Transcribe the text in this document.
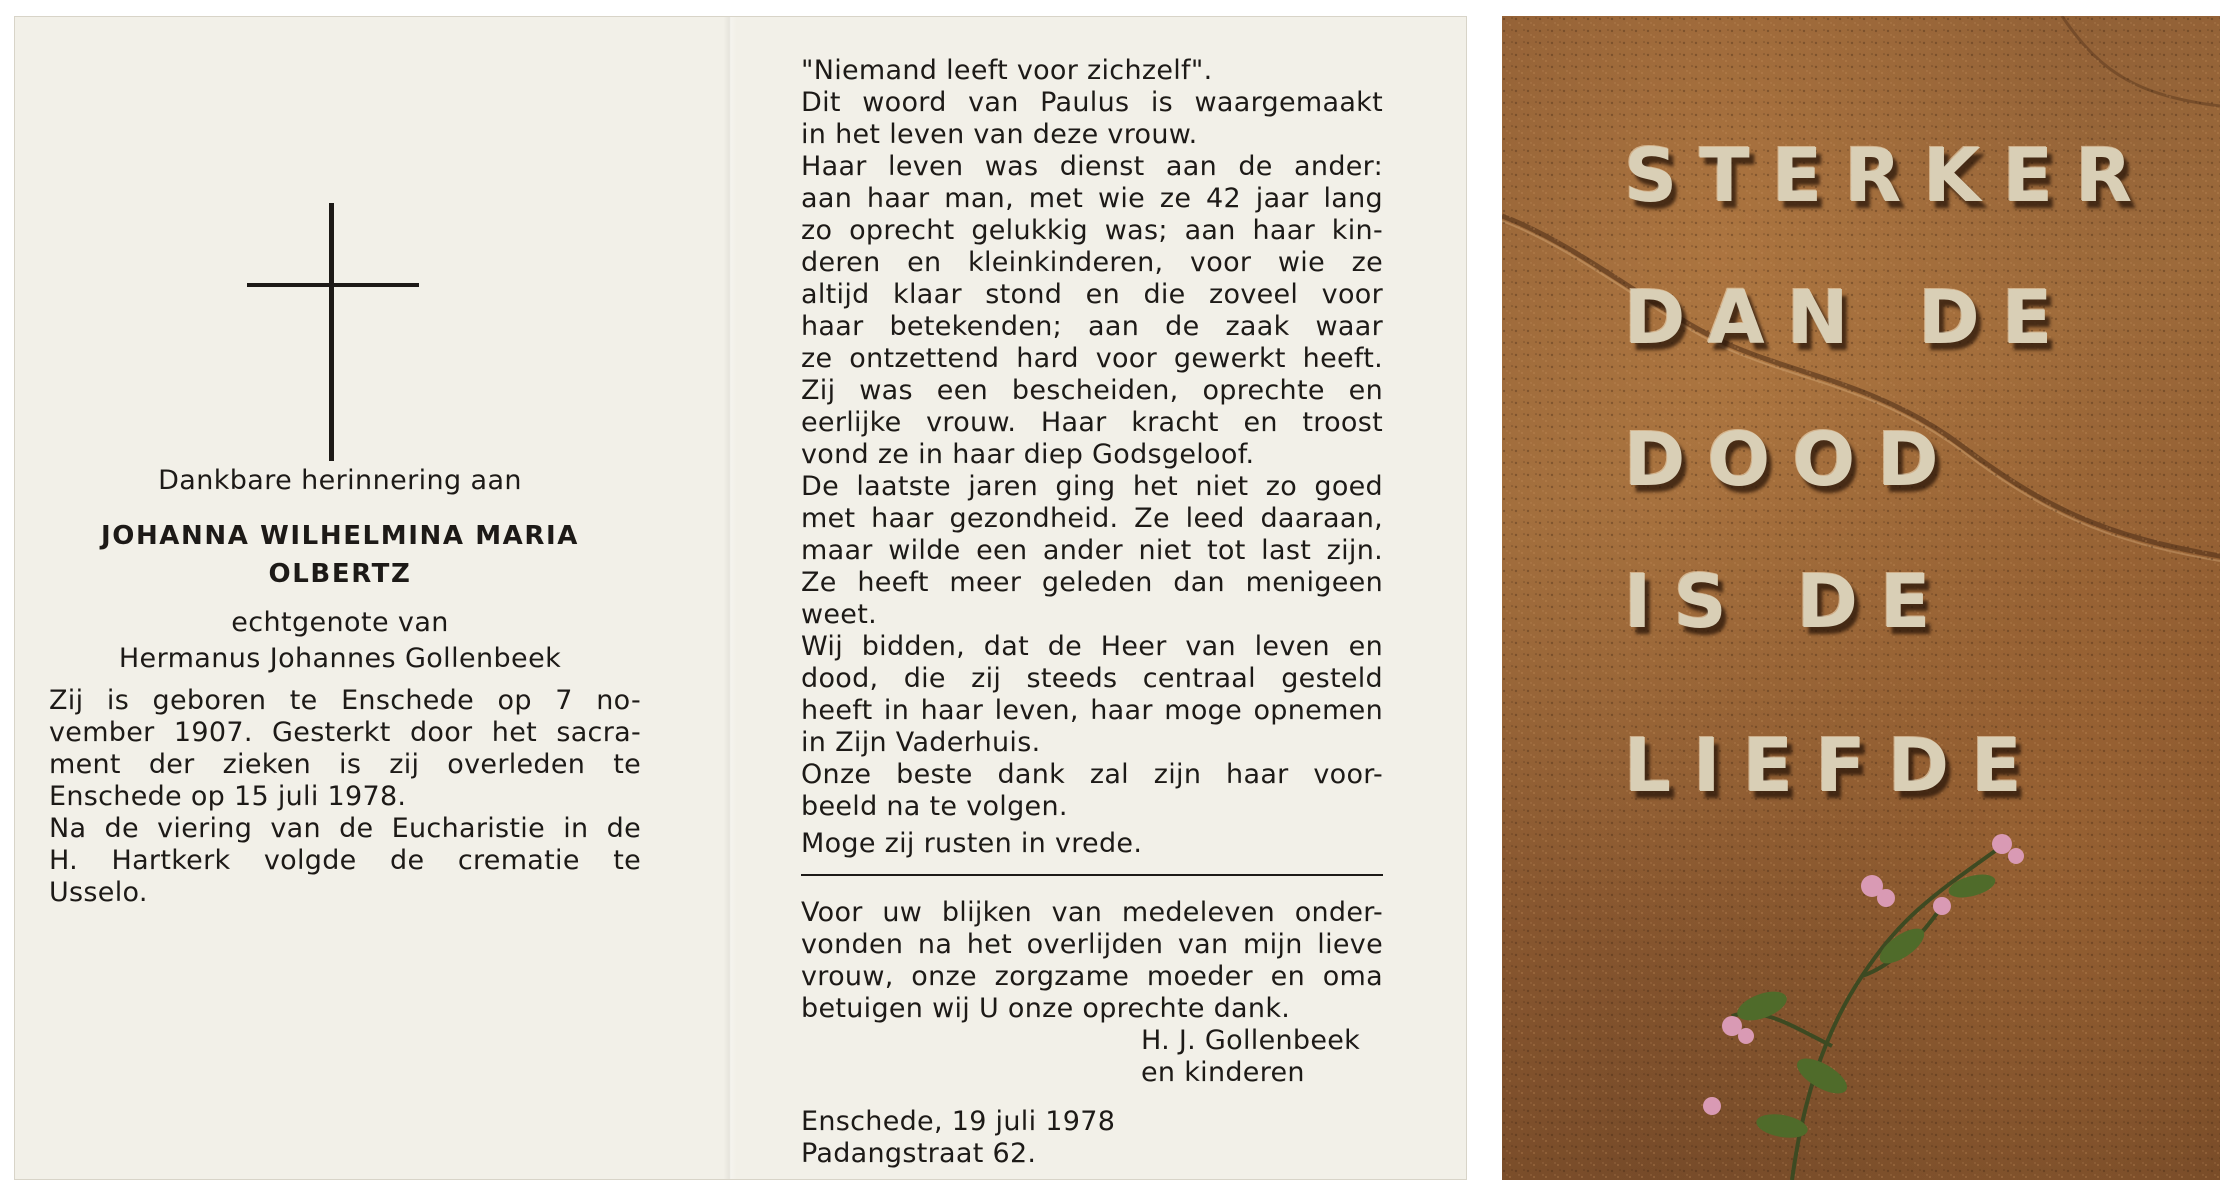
Dankbare herinnering aan
JOHANNA WILHELMINA MARIA
OLBERTZ
echtgenote van
Hermanus Johannes Gollenbeek
Zij is geboren te Enschede op 7 no-
vember 1907. Gesterkt door het sacra-
ment der zieken is zij overleden te
Enschede op 15 juli 1978.
Na de viering van de Eucharistie in de
H. Hartkerk volgde de crematie te
Usselo.
"Niemand leeft voor zichzelf".
Dit woord van Paulus is waargemaakt
in het leven van deze vrouw.
Haar leven was dienst aan de ander:
aan haar man, met wie ze 42 jaar lang
zo oprecht gelukkig was; aan haar kin-
deren en kleinkinderen, voor wie ze
altijd klaar stond en die zoveel voor
haar betekenden; aan de zaak waar
ze ontzettend hard voor gewerkt heeft.
Zij was een bescheiden, oprechte en
eerlijke vrouw. Haar kracht en troost
vond ze in haar diep Godsgeloof.
De laatste jaren ging het niet zo goed
met haar gezondheid. Ze leed daaraan,
maar wilde een ander niet tot last zijn.
Ze heeft meer geleden dan menigeen
weet.
Wij bidden, dat de Heer van leven en
dood, die zij steeds centraal gesteld
heeft in haar leven, haar moge opnemen
in Zijn Vaderhuis.
Onze beste dank zal zijn haar voor-
beeld na te volgen.
Moge zij rusten in vrede.
Voor uw blijken van medeleven onder-
vonden na het overlijden van mijn lieve
vrouw, onze zorgzame moeder en oma
betuigen wij U onze oprechte dank.
H. J. Gollenbeek
en kinderen
Enschede, 19 juli 1978
Padangstraat 62.
STERKER
DAN DE
DOOD
IS DE
LIEFDE
